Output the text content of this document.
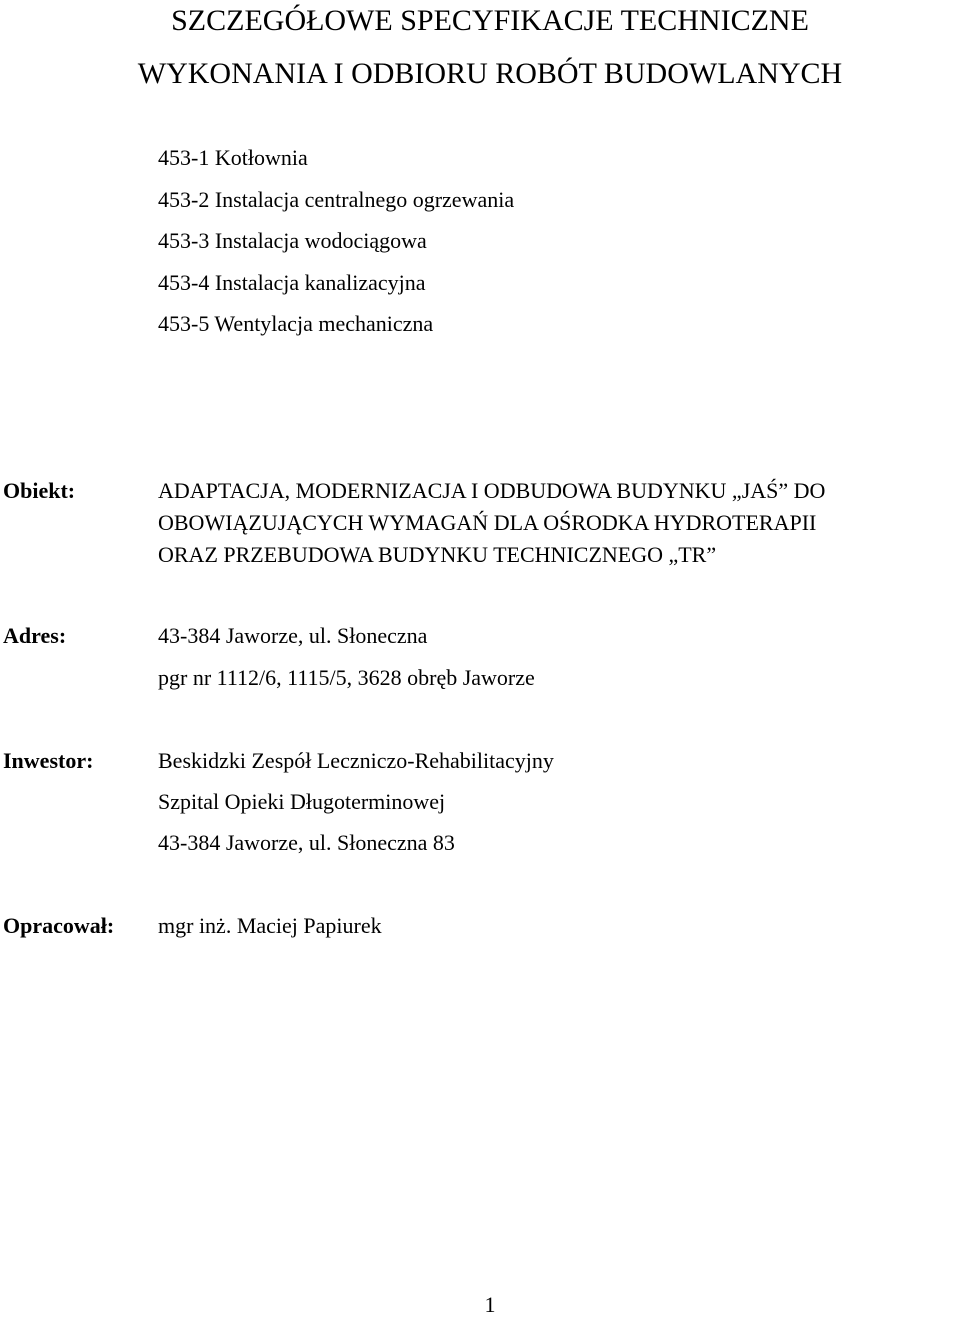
SZCZEGÓŁOWE SPECYFIKACJE TECHNICZNE
WYKONANIA I ODBIORU ROBÓT BUDOWLANYCH
453-1 Kotłownia
453-2 Instalacja centralnego ogrzewania
453-3 Instalacja wodociągowa
453-4 Instalacja kanalizacyjna
453-5 Wentylacja mechaniczna
Obiekt:	ADAPTACJA, MODERNIZACJA I ODBUDOWA BUDYNKU „JAŚ” DO
OBOWIĄZUJĄCYCH WYMAGAŃ DLA OŚRODKA HYDROTERAPII
ORAZ PRZEBUDOWA BUDYNKU TECHNICZNEGO „TR”
Adres:	43-384 Jaworze, ul. Słoneczna
pgr nr 1112/6, 1115/5, 3628 obręb Jaworze
Inwestor:	Beskidzki Zespół Leczniczo-Rehabilitacyjny
Szpital Opieki Długoterminowej
43-384 Jaworze, ul. Słoneczna 83
Opracował: mgr inż. Maciej Papiurek
1
